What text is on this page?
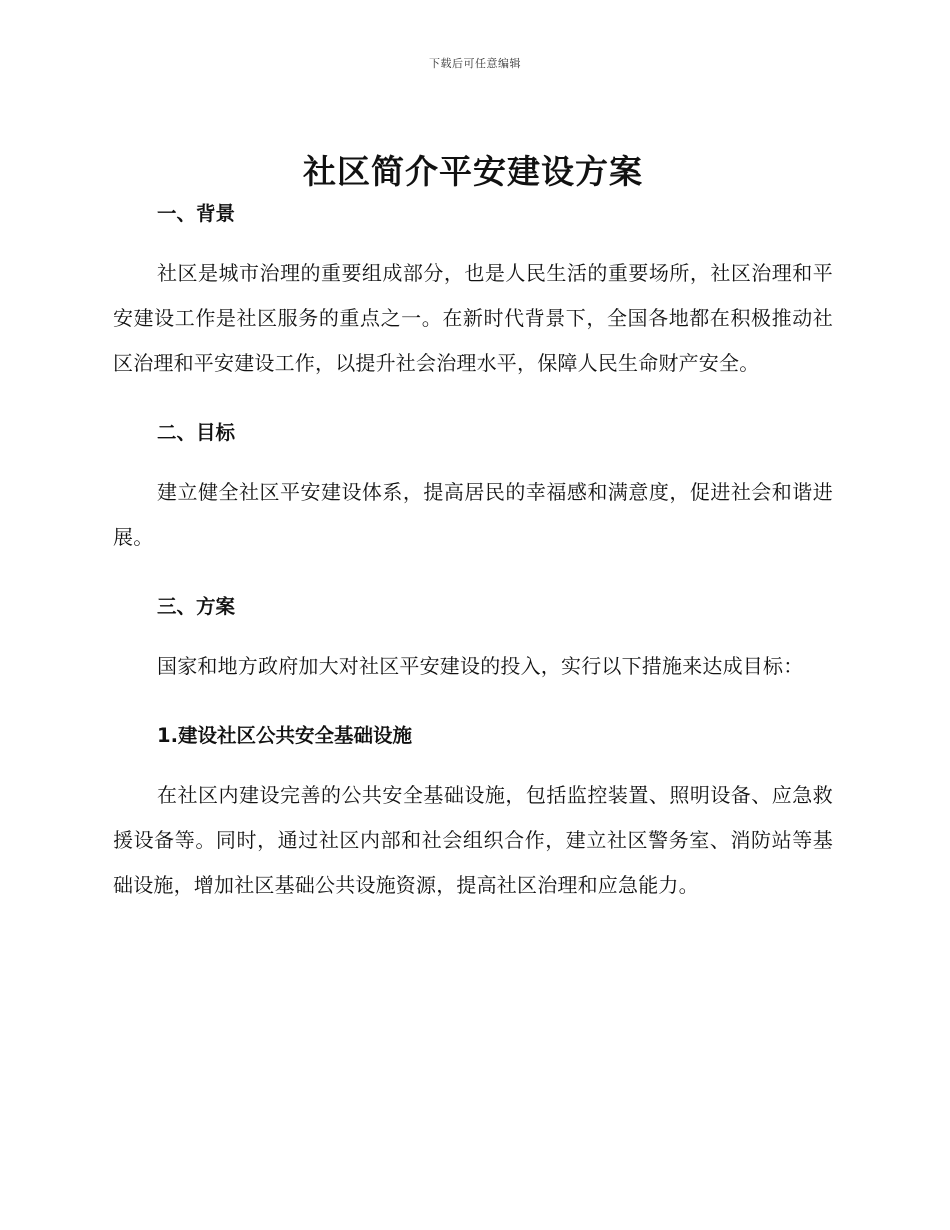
下载后可任意编辑
社区简介平安建设方案
一、背景

社区是城市治理的重要组成部分，也是人民生活的重要场所，社区治理和平安建设工作是社区服务的重点之一。在新时代背景下，全国各地都在积极推动社区治理和平安建设工作，以提升社会治理水平，保障人民生命财产安全。

二、目标

建立健全社区平安建设体系，提高居民的幸福感和满意度，促进社会和谐进展。

三、方案

国家和地方政府加大对社区平安建设的投入，实行以下措施来达成目标：

1.建设社区公共安全基础设施

在社区内建设完善的公共安全基础设施，包括监控装置、照明设备、应急救援设备等。同时，通过社区内部和社会组织合作，建立社区警务室、消防站等基础设施，增加社区基础公共设施资源，提高社区治理和应急能力。
